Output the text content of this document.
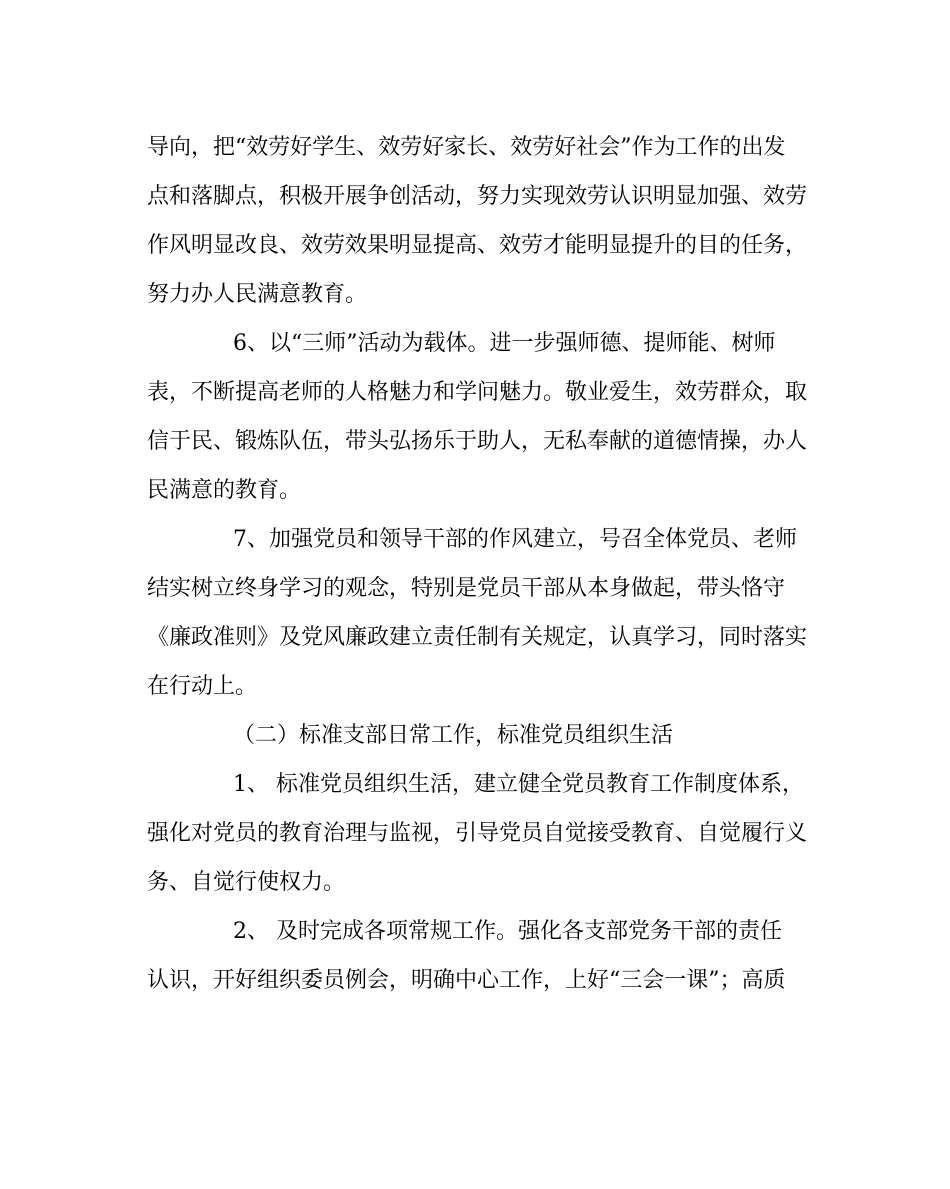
导向，把“效劳好学生、效劳好家长、效劳好社会”作为工作的出发
点和落脚点，积极开展争创活动，努力实现效劳认识明显加强、效劳
作风明显改良、效劳效果明显提高、效劳才能明显提升的目的任务，
努力办人民满意教育。
6、以“三师”活动为载体。进一步强师德、提师能、树师
表，不断提高老师的人格魅力和学问魅力。敬业爱生，效劳群众，取
信于民、锻炼队伍，带头弘扬乐于助人，无私奉献的道德情操，办人
民满意的教育。
7、加强党员和领导干部的作风建立，号召全体党员、老师
结实树立终身学习的观念，特别是党员干部从本身做起，带头恪守
《廉政准则》及党风廉政建立责任制有关规定，认真学习，同时落实
在行动上。
（二）标准支部日常工作，标准党员组织生活
1、 标准党员组织生活，建立健全党员教育工作制度体系，
强化对党员的教育治理与监视，引导党员自觉接受教育、自觉履行义
务、自觉行使权力。
2、 及时完成各项常规工作。强化各支部党务干部的责任
认识，开好组织委员例会，明确中心工作，上好“三会一课”；高质
